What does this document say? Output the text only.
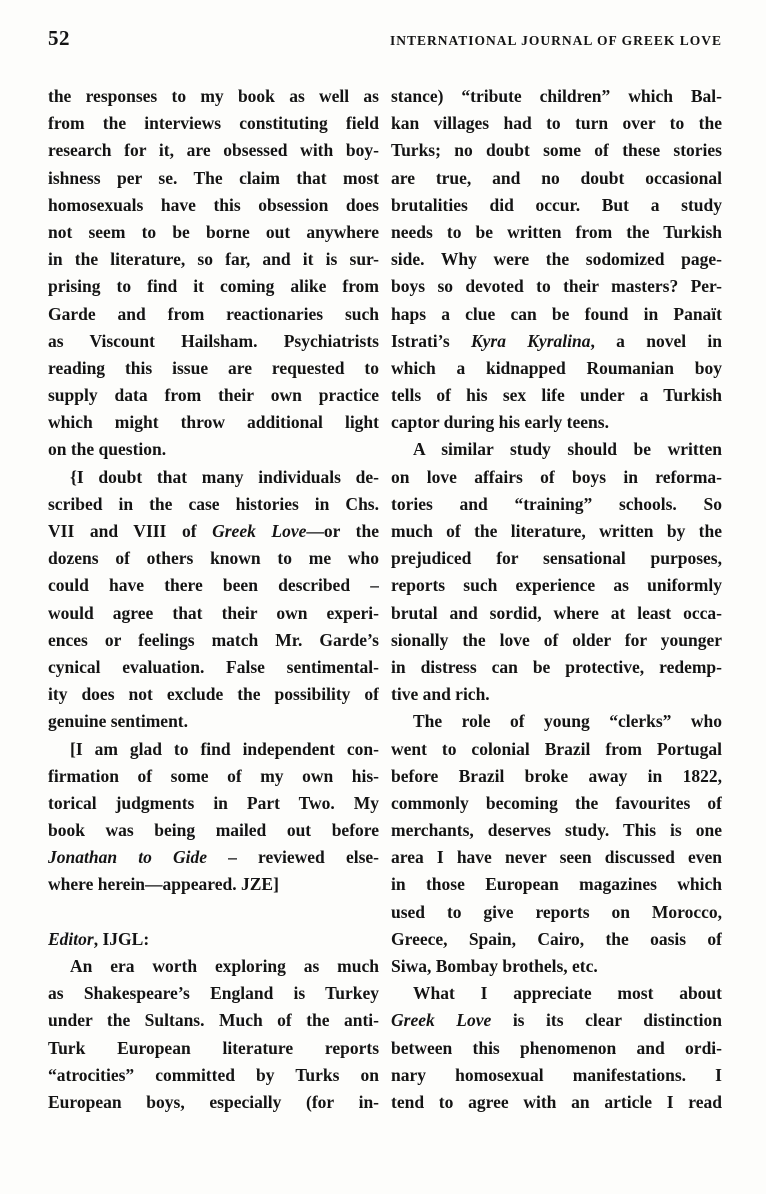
52	INTERNATIONAL JOURNAL OF GREEK LOVE
the responses to my book as well as
from the interviews constituting field
research for it, are obsessed with boy-
ishness per se. The claim that most
homosexuals have this obsession does
not seem to be borne out anywhere
in the literature, so far, and it is sur-
prising to find it coming alike from
Garde and from reactionaries such
as Viscount Hailsham. Psychiatrists
reading this issue are requested to
supply data from their own practice
which might throw additional light
on the question.
{I doubt that many individuals de-
scribed in the case histories in Chs.
VII and VIII of Greek Love—or the
dozens of others known to me who
could have there been described –
would agree that their own experi-
ences or feelings match Mr. Garde’s
cynical evaluation. False sentimental-
ity does not exclude the possibility of
genuine sentiment.
[I am glad to find independent con-
firmation of some of my own his-
torical judgments in Part Two. My
book was being mailed out before
Jonathan to Gide – reviewed else-
where herein—appeared. JZE]

Editor, IJGL:
An era worth exploring as much
as Shakespeare’s England is Turkey
under the Sultans. Much of the anti-
Turk European literature reports
“atrocities” committed by Turks on
European boys, especially (for in-
stance) “tribute children” which Bal-
kan villages had to turn over to the
Turks; no doubt some of these stories
are true, and no doubt occasional
brutalities did occur. But a study
needs to be written from the Turkish
side. Why were the sodomized page-
boys so devoted to their masters? Per-
haps a clue can be found in Panaït
Istrati’s Kyra Kyralina, a novel in
which a kidnapped Roumanian boy
tells of his sex life under a Turkish
captor during his early teens.
A similar study should be written
on love affairs of boys in reforma-
tories and “training” schools. So
much of the literature, written by the
prejudiced for sensational purposes,
reports such experience as uniformly
brutal and sordid, where at least occa-
sionally the love of older for younger
in distress can be protective, redemp-
tive and rich.
The role of young “clerks” who
went to colonial Brazil from Portugal
before Brazil broke away in 1822,
commonly becoming the favourites of
merchants, deserves study. This is one
area I have never seen discussed even
in those European magazines which
used to give reports on Morocco,
Greece, Spain, Cairo, the oasis of
Siwa, Bombay brothels, etc.
What I appreciate most about
Greek Love is its clear distinction
between this phenomenon and ordi-
nary homosexual manifestations. I
tend to agree with an article I read
